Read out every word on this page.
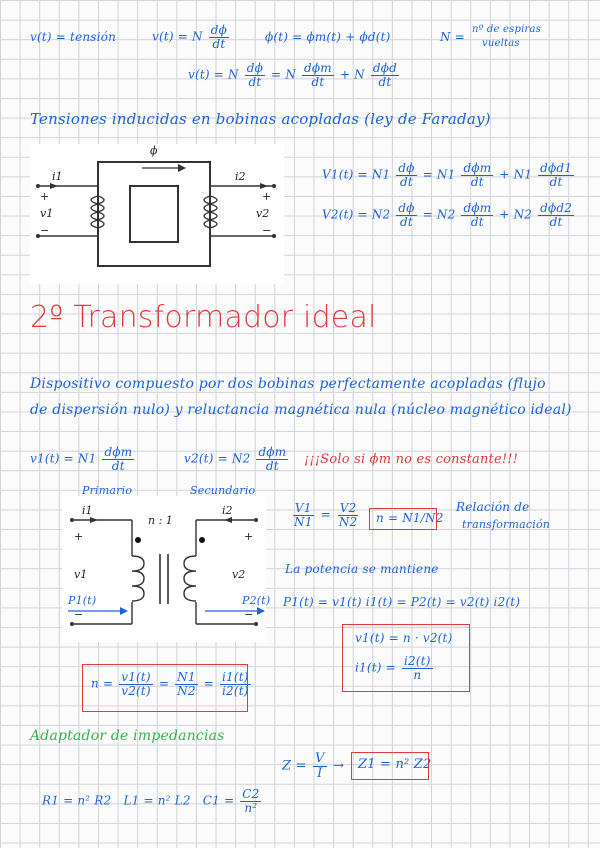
v(t) = tensión	v(t) = N $\frac{d\phi}{dt}$	ϕ(t) = ϕm(t) + ϕd(t)	N =
nº de espiras
vueltas
v(t) = N $\frac{d\phi}{dt} = N \frac{\text{dϕm}}{dt} + N \frac{\text{dϕd}}{dt}$
Tensiones inducidas en bobinas acopladas (ley de Faraday)
ϕ
i1	i2
+
v1
−
+
v2
−
$V1(t) = N1 \frac{d\phi}{dt} = N1 \frac{\text{dϕm}}{dt} + N1 \frac{\text{dϕd1}}{dt}$
$V2(t) = N2 \frac{d\phi}{dt} = N2 \frac{\text{dϕm}}{dt} + N2 \frac{\text{dϕd2}}{dt}$
2º Transformador ideal
Dispositivo compuesto por dos bobinas perfectamente acopladas (flujo
de dispersión nulo) y reluctancia magnética nula (núcleo magnético ideal)
$v1(t) = N1 \frac{\text{dϕm}}{dt}$	$v2(t) = N2 \frac{\text{dϕm}}{dt}$ ¡¡¡Solo si ϕm no es constante!!!
i1	i2
n : 1
+
v1
−
+
v2
−
Primario	Secundario
P1(t)	P2(t)
$\frac{V1}{N1} = \frac{V2}{N2}$ n = N1/N2
Relación de
transformación
La potencia se mantiene
P1(t) = v1(t) i1(t) = P2(t) = v2(t) i2(t)
v1(t) = n · v2(t)
$i1(t) = \frac{i2(t)}{n}$
$n = \frac{v1(t)}{v2(t)} = \frac{N1}{N2} = \frac{i1(t)}{i2(t)}$
Adaptador de impedancias
$Z = \frac{V}{I} \to Z1 = n^2$ Z2
R1 = n² R2 L1 = n² L2 $C1 = \frac{C2}{\text{n²}}$
